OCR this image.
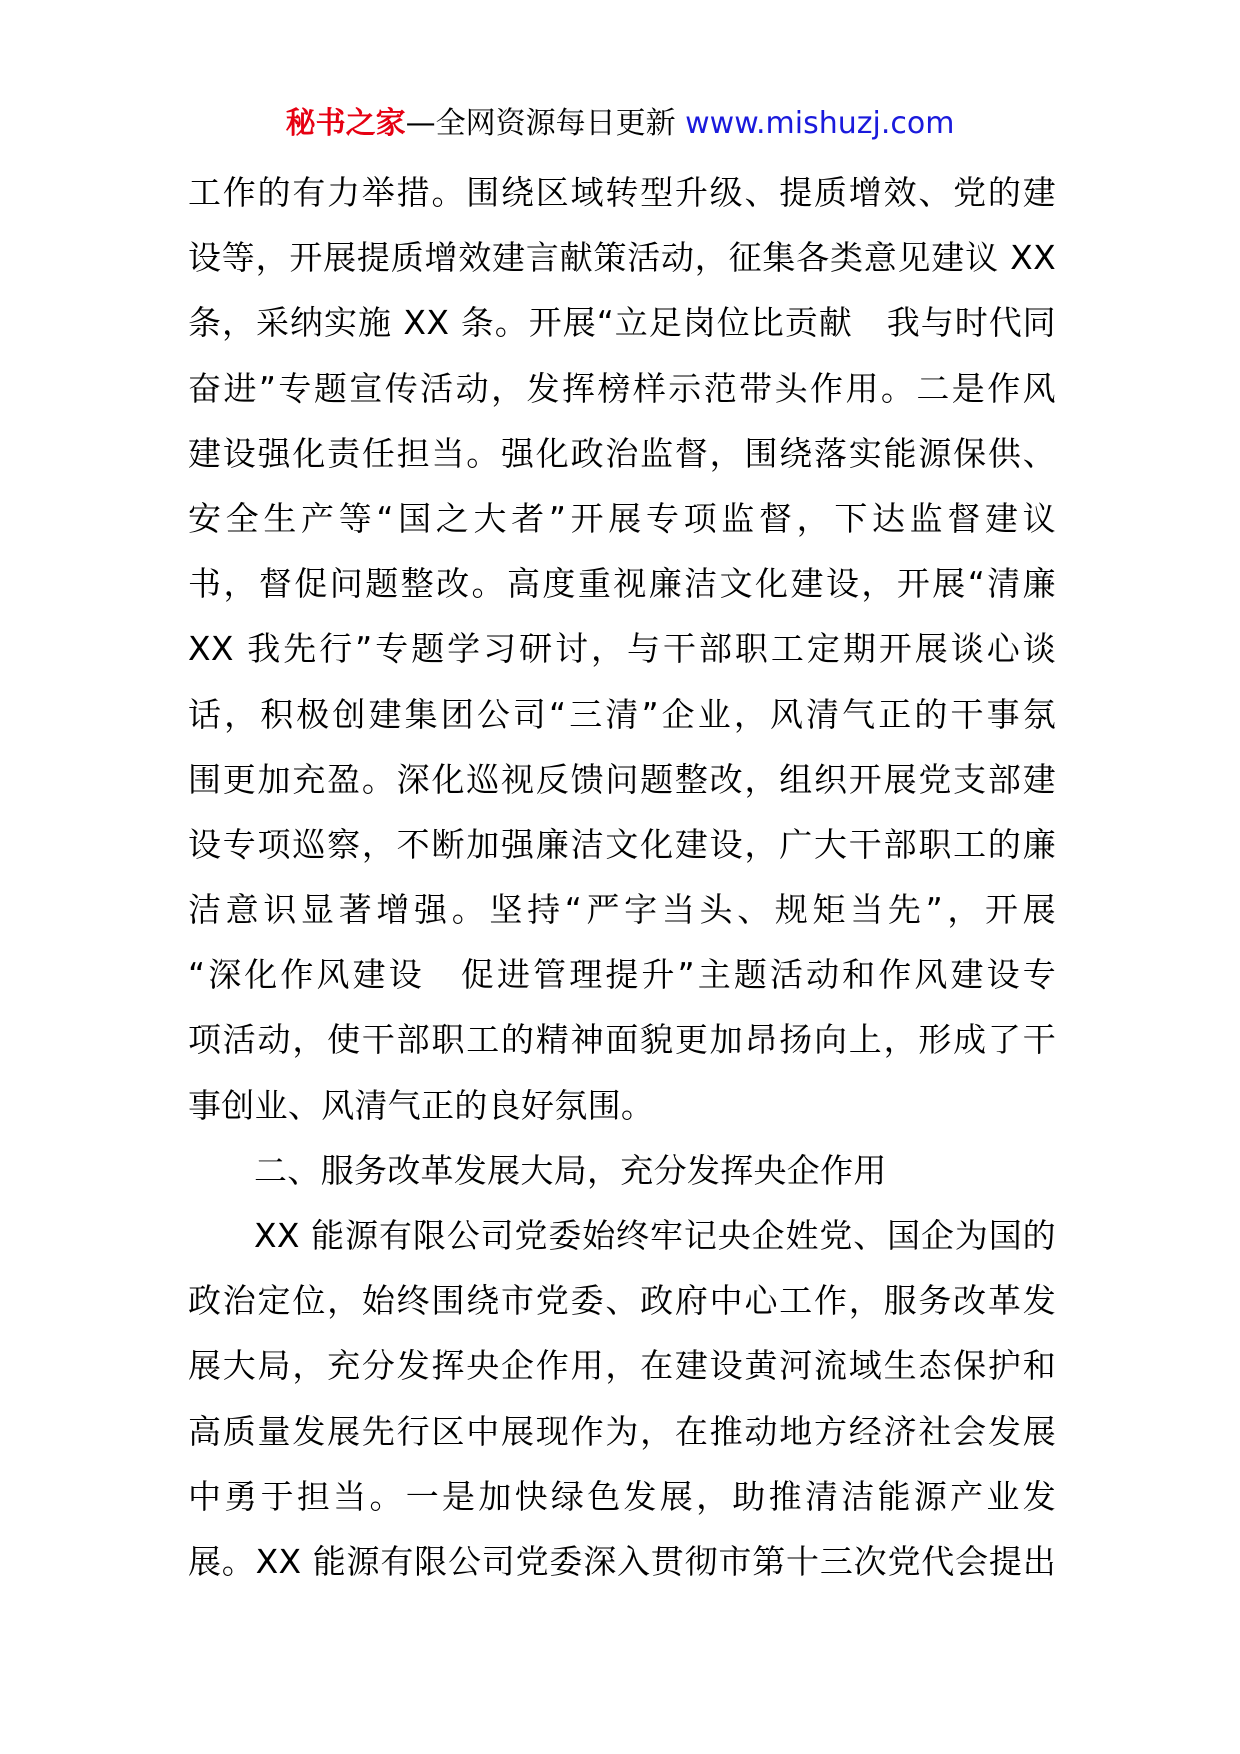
秘书之家—全网资源每日更新 www.mishuzj.com
工作的有力举措。围绕区域转型升级、提质增效、党的建
设等，开展提质增效建言献策活动，征集各类意见建议 XX
条，采纳实施 XX 条。开展“立足岗位比贡献　我与时代同
奋进”专题宣传活动，发挥榜样示范带头作用。二是作风
建设强化责任担当。强化政治监督，围绕落实能源保供、
安全生产等“国之大者”开展专项监督，下达监督建议
书，督促问题整改。高度重视廉洁文化建设，开展“清廉
XX 我先行”专题学习研讨，与干部职工定期开展谈心谈
话，积极创建集团公司“三清”企业，风清气正的干事氛
围更加充盈。深化巡视反馈问题整改，组织开展党支部建
设专项巡察，不断加强廉洁文化建设，广大干部职工的廉
洁意识显著增强。坚持“严字当头、规矩当先”，开展
“深化作风建设　促进管理提升”主题活动和作风建设专
项活动，使干部职工的精神面貌更加昂扬向上，形成了干
事创业、风清气正的良好氛围。
二、服务改革发展大局，充分发挥央企作用
XX 能源有限公司党委始终牢记央企姓党、国企为国的
政治定位，始终围绕市党委、政府中心工作，服务改革发
展大局，充分发挥央企作用，在建设黄河流域生态保护和
高质量发展先行区中展现作为，在推动地方经济社会发展
中勇于担当。一是加快绿色发展，助推清洁能源产业发
展。XX 能源有限公司党委深入贯彻市第十三次党代会提出
